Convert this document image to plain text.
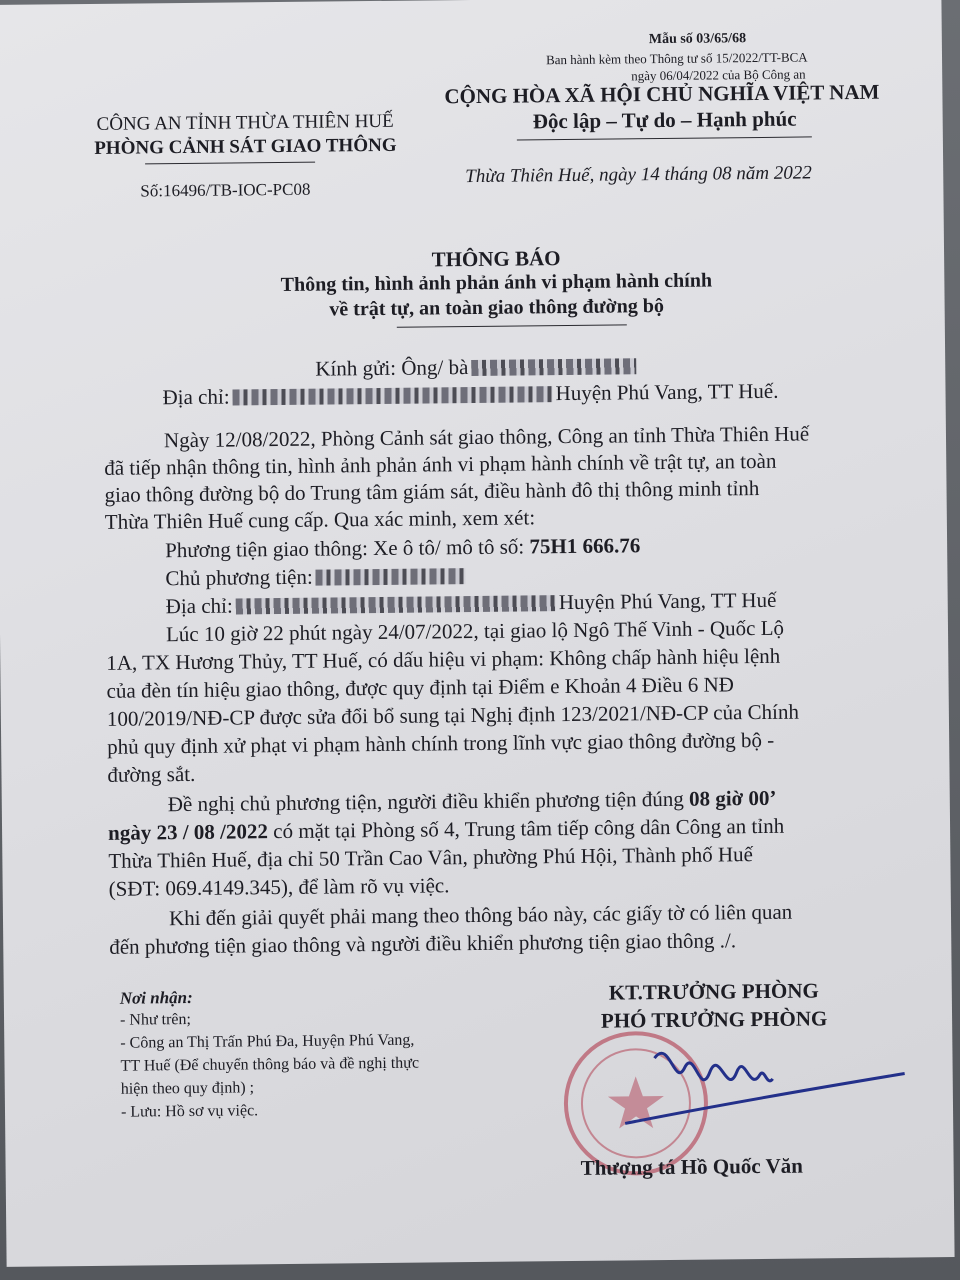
Mẫu số 03/65/68
Ban hành kèm theo Thông tư số 15/2022/TT-BCA
ngày 06/04/2022 của Bộ Công an
CÔNG AN TỈNH THỪA THIÊN HUẾ
PHÒNG CẢNH SÁT GIAO THÔNG
Số:16496/TB-IOC-PC08
CỘNG HÒA XÃ HỘI CHỦ NGHĨA VIỆT NAM
Độc lập – Tự do – Hạnh phúc
Thừa Thiên Huế, ngày 14 tháng 08 năm 2022
THÔNG BÁO
Thông tin, hình ảnh phản ánh vi phạm hành chính
về trật tự, an toàn giao thông đường bộ
Kính gửi: Ông/ bà
Địa chỉ:	Huyện Phú Vang, TT Huế.
Ngày 12/08/2022, Phòng Cảnh sát giao thông, Công an tỉnh Thừa Thiên Huế
đã tiếp nhận thông tin, hình ảnh phản ánh vi phạm hành chính về trật tự, an toàn
giao thông đường bộ do Trung tâm giám sát, điều hành đô thị thông minh tỉnh
Thừa Thiên Huế cung cấp. Qua xác minh, xem xét:
Phương tiện giao thông: Xe ô tô/ mô tô số: 75H1 666.76
Chủ phương tiện:
Địa chỉ:	Huyện Phú Vang, TT Huế
Lúc 10 giờ 22 phút ngày 24/07/2022, tại giao lộ Ngô Thế Vinh - Quốc Lộ
1A, TX Hương Thủy, TT Huế, có dấu hiệu vi phạm: Không chấp hành hiệu lệnh
của đèn tín hiệu giao thông, được quy định tại Điểm e Khoản 4 Điều 6 NĐ
100/2019/NĐ-CP được sửa đổi bổ sung tại Nghị định 123/2021/NĐ-CP của Chính
phủ quy định xử phạt vi phạm hành chính trong lĩnh vực giao thông đường bộ -
đường sắt.
Đề nghị chủ phương tiện, người điều khiển phương tiện đúng 08 giờ 00’
ngày 23 / 08 /2022 có mặt tại Phòng số 4, Trung tâm tiếp công dân Công an tỉnh
Thừa Thiên Huế, địa chỉ 50 Trần Cao Vân, phường Phú Hội, Thành phố Huế
(SĐT: 069.4149.345), để làm rõ vụ việc.
Khi đến giải quyết phải mang theo thông báo này, các giấy tờ có liên quan
đến phương tiện giao thông và người điều khiển phương tiện giao thông ./.
Nơi nhận:
- Như trên;
- Công an Thị Trấn Phú Đa, Huyện Phú Vang,
TT Huế (Để chuyển thông báo và đề nghị thực
hiện theo quy định) ;
- Lưu: Hồ sơ vụ việc.
KT.TRƯỞNG PHÒNG
PHÓ TRƯỞNG PHÒNG
Thượng tá Hồ Quốc Văn
